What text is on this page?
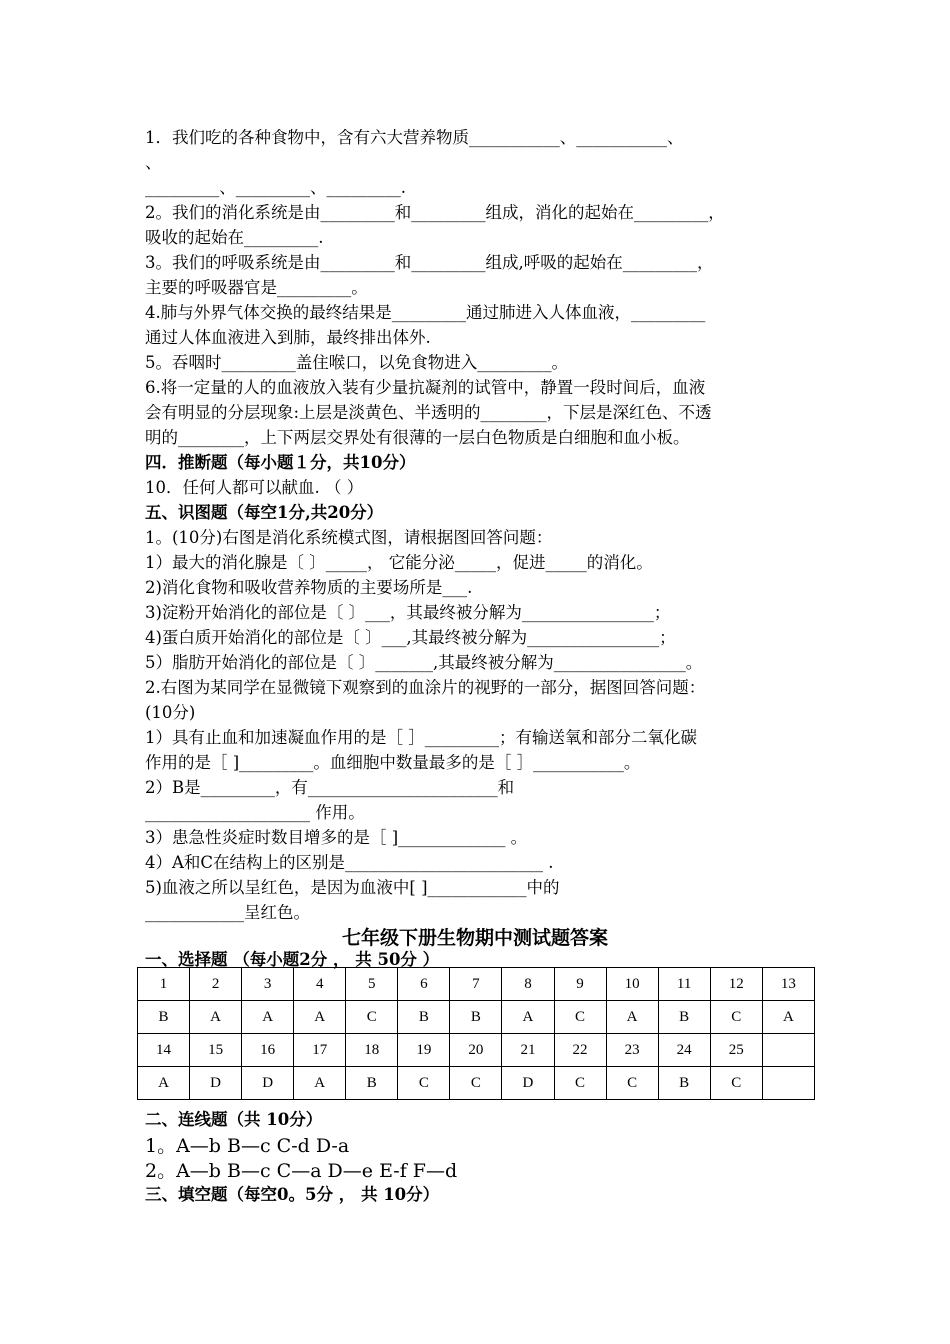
1．我们吃的各种食物中，含有六大营养物质___________、___________、
、
_________、_________、_________.
2。我们的消化系统是由_________和_________组成，消化的起始在_________，
吸收的起始在_________.
3。我们的呼吸系统是由_________和_________组成,呼吸的起始在_________，
主要的呼吸器官是_________。
4.肺与外界气体交换的最终结果是_________通过肺进入人体血液，_________
通过人体血液进入到肺，最终排出体外.
5。吞咽时_________盖住喉口，以免食物进入_________。
6.将一定量的人的血液放入装有少量抗凝剂的试管中，静置一段时间后，血液
会有明显的分层现象:上层是淡黄色、半透明的________，下层是深红色、不透
明的________，上下两层交界处有很薄的一层白色物质是白细胞和血小板。
四．推断题（每小题１分，共10分）
10．任何人都可以献血. （ ）
五、识图题（每空1分,共20分）
1。(10分)右图是消化系统模式图，请根据图回答问题：
1）最大的消化腺是〔 〕_____， 它能分泌_____，促进_____的消化。
2)消化食物和吸收营养物质的主要场所是___.
3)淀粉开始消化的部位是〔 〕___，其最终被分解为________________；
4)蛋白质开始消化的部位是〔 〕___,其最终被分解为________________；
5）脂肪开始消化的部位是〔 〕_______,其最终被分解为________________。
2.右图为某同学在显微镜下观察到的血涂片的视野的一部分，据图回答问题：
(10分)
1）具有止血和加速凝血作用的是［ ］_________；有输送氧和部分二氧化碳
作用的是［ ]_________。血细胞中数量最多的是［ ］___________。
2）B是_________，有_______________________和
____________________ 作用。
3）患急性炎症时数目增多的是［ ]_____________ 。
4）A和C在结构上的区别是________________________ .
5)血液之所以呈红色，是因为血液中[ ]____________中的
____________呈红色。
七年级下册生物期中测试题答案
一、选择题 （每小题2分 ， 共 50分 ）
1	2	3	4	5	6	7	8	9	10	11	12	13
B	A	A	A	C	B	B	A	C	A	B	C	A
14	15	16	17	18	19	20	21	22	23	24	25	
A	D	D	A	B	C	C	D	C	C	B	C	
二、连线题（共 10分）
1。A—b B—c C-d D-a
2。A—b B—c C—a D—e E-f F—d
三、填空题（每空0。5分 ， 共 10分）
